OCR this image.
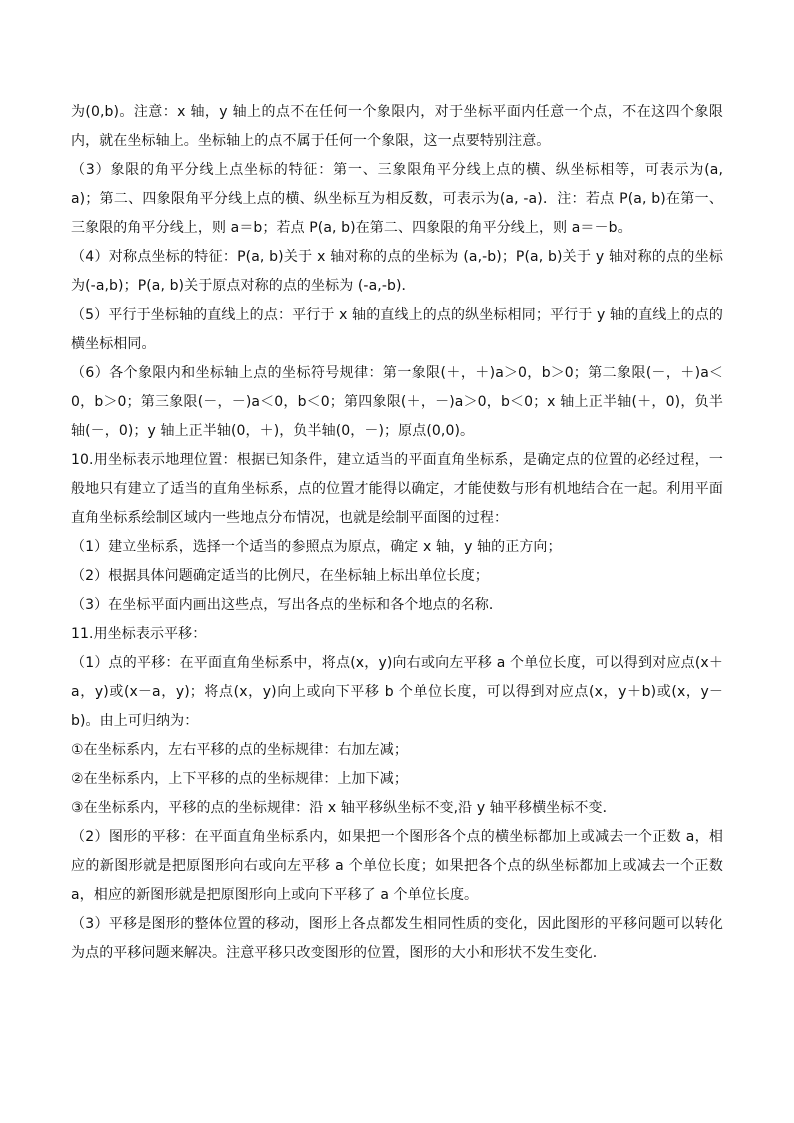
为(0,b)。注意：x 轴，y 轴上的点不在任何一个象限内，对于坐标平面内任意一个点，不在这四个象限内，就在坐标轴上。坐标轴上的点不属于任何一个象限，这一点要特别注意。

（3）象限的角平分线上点坐标的特征：第一、三象限角平分线上点的横、纵坐标相等，可表示为(a, a)；第二、四象限角平分线上点的横、纵坐标互为相反数，可表示为(a, -a)．注：若点 P(a, b)在第一、三象限的角平分线上，则 a＝b；若点 P(a, b)在第二、四象限的角平分线上，则 a＝－b。

（4）对称点坐标的特征：P(a, b)关于 x 轴对称的点的坐标为 (a,-b)；P(a, b)关于 y 轴对称的点的坐标为(-a,b)；P(a, b)关于原点对称的点的坐标为 (-a,-b)．

（5）平行于坐标轴的直线上的点：平行于 x 轴的直线上的点的纵坐标相同；平行于 y 轴的直线上的点的横坐标相同。

（6）各个象限内和坐标轴上点的坐标符号规律：第一象限(＋，＋)a＞0，b＞0；第二象限(－，＋)a＜0，b＞0；第三象限(－，－)a＜0，b＜0；第四象限(＋，－)a＞0，b＜0；x 轴上正半轴(＋，0)，负半轴(－，0)；y 轴上正半轴(0，＋)，负半轴(0，－)；原点(0,0)。

10.用坐标表示地理位置：根据已知条件，建立适当的平面直角坐标系，是确定点的位置的必经过程，一般地只有建立了适当的直角坐标系，点的位置才能得以确定，才能使数与形有机地结合在一起。利用平面直角坐标系绘制区域内一些地点分布情况，也就是绘制平面图的过程：

（1）建立坐标系，选择一个适当的参照点为原点，确定 x 轴，y 轴的正方向；

（2）根据具体问题确定适当的比例尺，在坐标轴上标出单位长度；

（3）在坐标平面内画出这些点，写出各点的坐标和各个地点的名称．

11.用坐标表示平移：

（1）点的平移：在平面直角坐标系中，将点(x，y)向右或向左平移 a 个单位长度，可以得到对应点(x＋a，y)或(x－a，y)；将点(x，y)向上或向下平移 b 个单位长度，可以得到对应点(x，y＋b)或(x，y－b)。由上可归纳为：

①在坐标系内，左右平移的点的坐标规律：右加左减；

②在坐标系内，上下平移的点的坐标规律：上加下减；

③在坐标系内，平移的点的坐标规律：沿 x 轴平移纵坐标不变,沿 y 轴平移横坐标不变．

（2）图形的平移：在平面直角坐标系内，如果把一个图形各个点的横坐标都加上或减去一个正数 a，相应的新图形就是把原图形向右或向左平移 a 个单位长度；如果把各个点的纵坐标都加上或减去一个正数 a，相应的新图形就是把原图形向上或向下平移了 a 个单位长度。

（3）平移是图形的整体位置的移动，图形上各点都发生相同性质的变化，因此图形的平移问题可以转化为点的平移问题来解决。注意平移只改变图形的位置，图形的大小和形状不发生变化.
